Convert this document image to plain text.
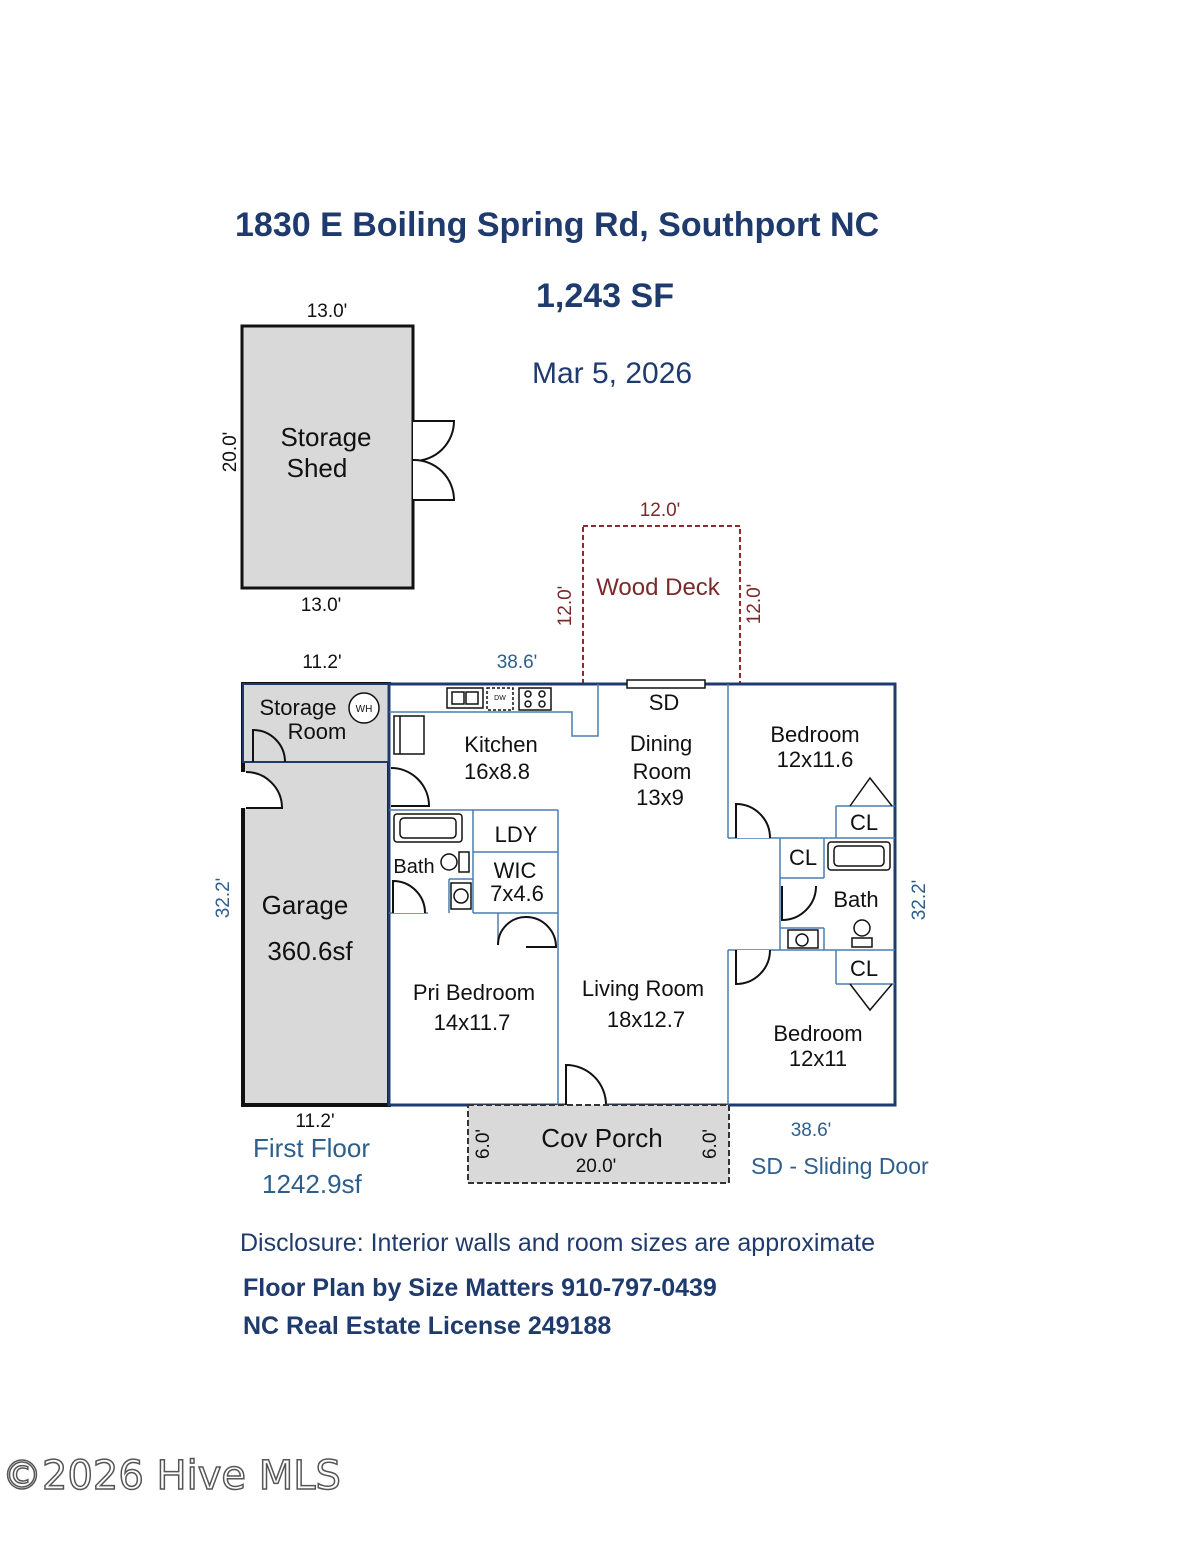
1830 E Boiling Spring Rd, Southport NC
1,243 SF
Mar 5, 2026
Storage
Shed
13.0'
13.0'
20.0'
Wood Deck
12.0'
12.0'	12.0'
WH
DW
Storage
Room
Kitchen
16x8.8
SD
Dining
Room
13x9
Bedroom
12x11.6
CL
CL
CL
LDY
Bath	WIC
7x4.6	Bath
Garage
360.6sf
Pri Bedroom
14x11.7
Living Room
18x12.7
Bedroom
12x11
11.2'	38.6'
11.2'	38.6'
32.2'	32.2'
Cov Porch
20.0'
6.0'	6.0'
First Floor
1242.9sf
SD - Sliding Door
Disclosure: Interior walls and room sizes are approximate
Floor Plan by Size Matters 910-797-0439
NC Real Estate License 249188
©2026 Hive MLS
